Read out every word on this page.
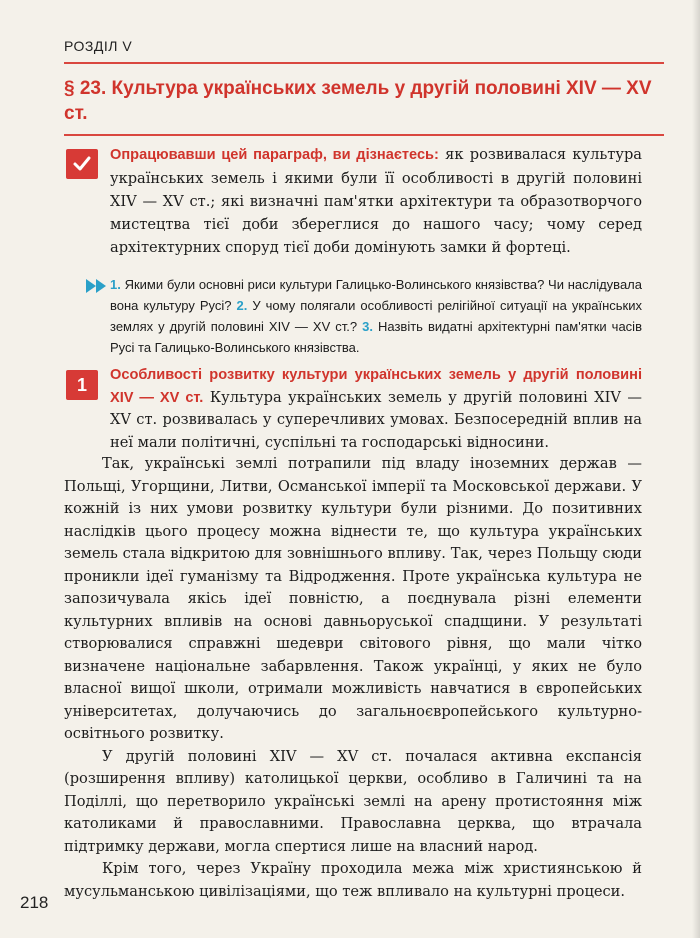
РОЗДІЛ V
§ 23. Культура українських земель у другій половині XIV — XV ст.
Опрацювавши цей параграф, ви дізнаєтесь: як розвивалася культура українських земель і якими були її особливості в другій половині XIV — XV ст.; які визначні пам'ятки архітектури та образотворчого мистецтва тієї доби збереглися до нашого часу; чому серед архітектурних споруд тієї доби домінують замки й фортеці.
1. Якими були основні риси культури Галицько-Волинського князівства? Чи наслідувала вона культуру Русі? 2. У чому полягали особливості релігійної ситуації на українських землях у другій половині XIV — XV ст.? 3. Назвіть видатні архітектурні пам'ятки часів Русі та Галицько-Волинського князівства.
1	Особливості розвитку культури українських земель у другій половині XIV — XV ст. Культура українських земель у другій половині XIV — XV ст. розвивалась у суперечливих умовах. Безпосередній вплив на неї мали політичні, суспільні та господарські відносини.

Так, українські землі потрапили під владу іноземних держав — Польщі, Угорщини, Литви, Османської імперії та Московської держави. У кожній із них умови розвитку культури були різними. До позитивних наслідків цього процесу можна віднести те, що культура українських земель стала відкритою для зовнішнього впливу. Так, через Польщу сюди проникли ідеї гуманізму та Відродження. Проте українська культура не запозичувала якісь ідеї повністю, а поєднувала різні елементи культурних впливів на основі давньоруської спадщини. У результаті створювалися справжні шедеври світового рівня, що мали чітко визначене національне забарвлення. Також українці, у яких не було власної вищої школи, отримали можливість навчатися в європейських університетах, долучаючись до загальноєвропейського культурно-освітнього розвитку.

У другій половині XIV — XV ст. почалася активна експансія (розширення впливу) католицької церкви, особливо в Галичині та на Поділлі, що перетворило українські землі на арену протистояння між католиками й православними. Православна церква, що втрачала підтримку держави, могла спертися лише на власний народ.

Крім того, через Україну проходила межа між християнською й мусульманською цивілізаціями, що теж впливало на культурні процеси.

218
